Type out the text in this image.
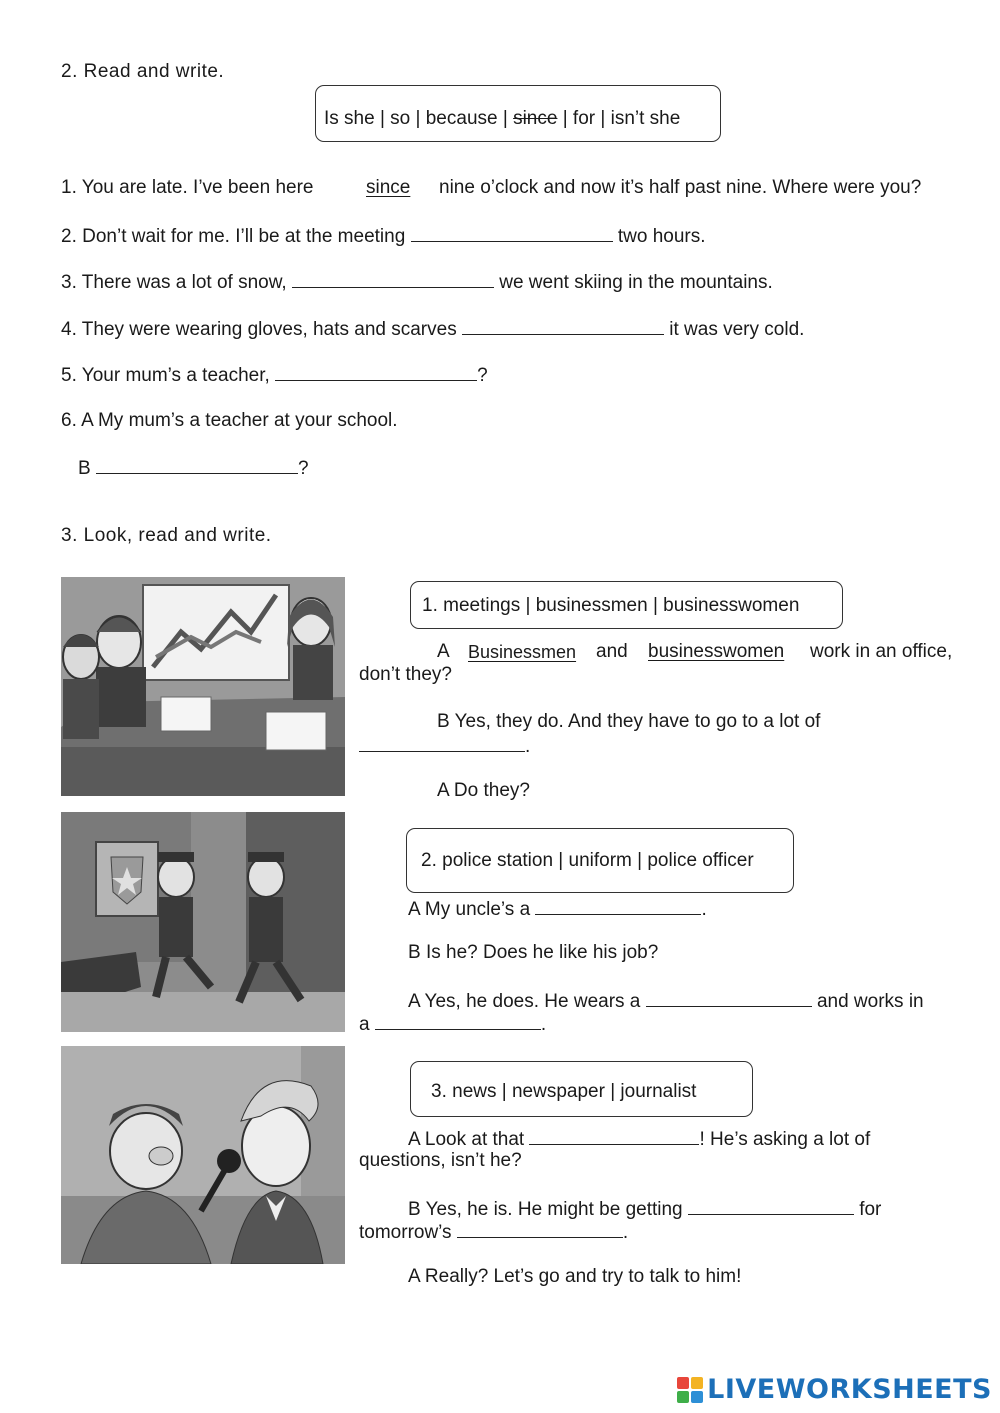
2. Read and write.
Is she | so | because | since | for | isn’t she
1. You are late. I’ve been here	since nine o’clock and now it’s half past nine. Where were you?
2. Don’t wait for me. I’ll be at the meeting	two hours.
3. There was a lot of snow,	we went skiing in the mountains.
4. They were wearing gloves, hats and scarves	it was very cold.
5. Your mum’s a teacher,	?
6. A My mum’s a teacher at your school.
B	?
3. Look, read and write.
1. meetings | businessmen | businesswomen
A Businessmen and businesswomen work in an office,
don’t they?
B Yes, they do. And they have to go to a lot of
.
A Do they?
2. police station | uniform | police officer
A My uncle’s a	.
B Is he? Does he like his job?
A Yes, he does. He wears a	and works in
a	.
3. news | newspaper | journalist
A Look at that	! He’s asking a lot of
questions, isn’t he?
B Yes, he is. He might be getting	for
tomorrow’s	.
A Really? Let’s go and try to talk to him!
LIVEWORKSHEETS
